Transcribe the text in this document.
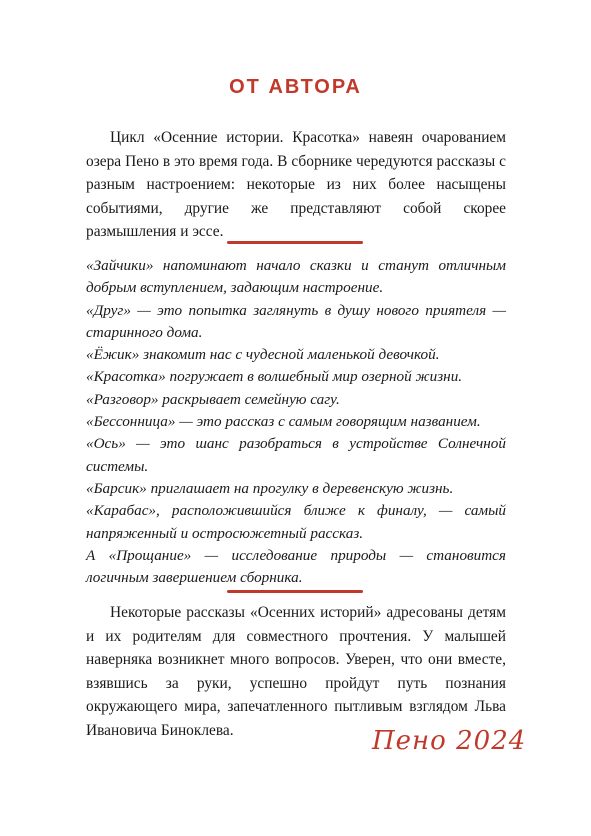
ОТ АВТОРА

Цикл «Осенние истории. Красотка» навеян очарованием озера Пено в это время года. В сборнике чередуются рассказы с разным настроением: некоторые из них более насыщены событиями, другие же представляют собой скорее размышления и эссе.

«Зайчики» напоминают начало сказки и станут отличным добрым вступлением, задающим настроение.

«Друг» — это попытка заглянуть в душу нового приятеля — старинного дома.

«Ёжик» знакомит нас с чудесной маленькой девочкой.

«Красотка» погружает в волшебный мир озерной жизни.

«Разговор» раскрывает семейную сагу.

«Бессонница» — это рассказ с самым говорящим названием.

«Ось» — это шанс разобраться в устройстве Солнечной системы.

«Барсик» приглашает на прогулку в деревенскую жизнь.

«Карабас», расположившийся ближе к финалу, — самый напряженный и остросюжетный рассказ.

А «Прощание» — исследование природы — становится логичным завершением сборника.

Некоторые рассказы «Осенних историй» адресованы детям и их родителям для совместного прочтения. У малышей наверняка возникнет много вопросов. Уверен, что они вместе, взявшись за руки, успешно пройдут путь познания окружающего мира, запечатленного пытливым взглядом Льва Ивановича Биноклева.	Пено 2024
